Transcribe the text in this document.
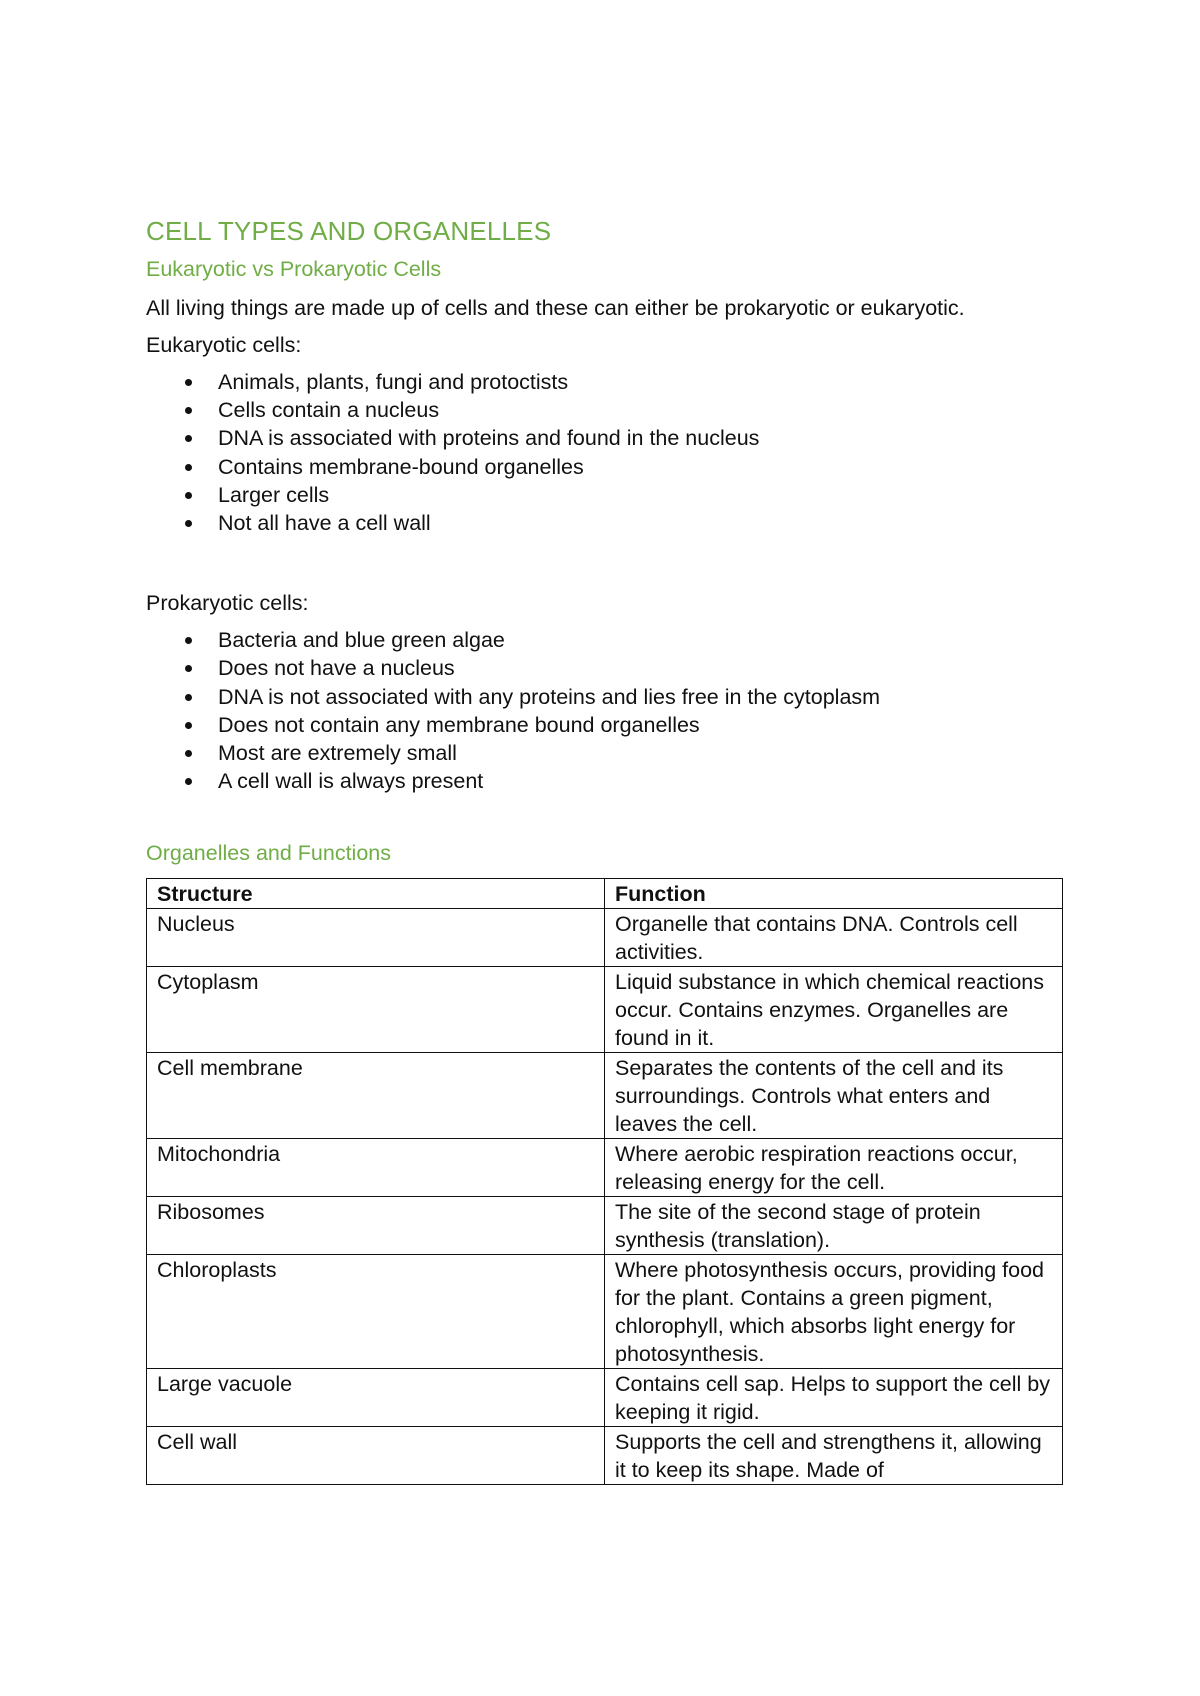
CELL TYPES AND ORGANELLES
Eukaryotic vs Prokaryotic Cells

All living things are made up of cells and these can either be prokaryotic or eukaryotic.

Eukaryotic cells:

Animals, plants, fungi and protoctists
Cells contain a nucleus
DNA is associated with proteins and found in the nucleus
Contains membrane-bound organelles
Larger cells
Not all have a cell wall

Prokaryotic cells:

Bacteria and blue green algae
Does not have a nucleus
DNA is not associated with any proteins and lies free in the cytoplasm
Does not contain any membrane bound organelles
Most are extremely small
A cell wall is always present
Organelles and Functions
Structure	Function
Nucleus	Organelle that contains DNA. Controls cell activities.
Cytoplasm	Liquid substance in which chemical reactions occur. Contains enzymes. Organelles are found in it.
Cell membrane	Separates the contents of the cell and its surroundings. Controls what enters and leaves the cell.
Mitochondria	Where aerobic respiration reactions occur, releasing energy for the cell.
Ribosomes	The site of the second stage of protein synthesis (translation).
Chloroplasts	Where photosynthesis occurs, providing food for the plant. Contains a green pigment, chlorophyll, which absorbs light energy for photosynthesis.
Large vacuole	Contains cell sap. Helps to support the cell by keeping it rigid.
Cell wall	Supports the cell and strengthens it, allowing it to keep its shape. Made of
